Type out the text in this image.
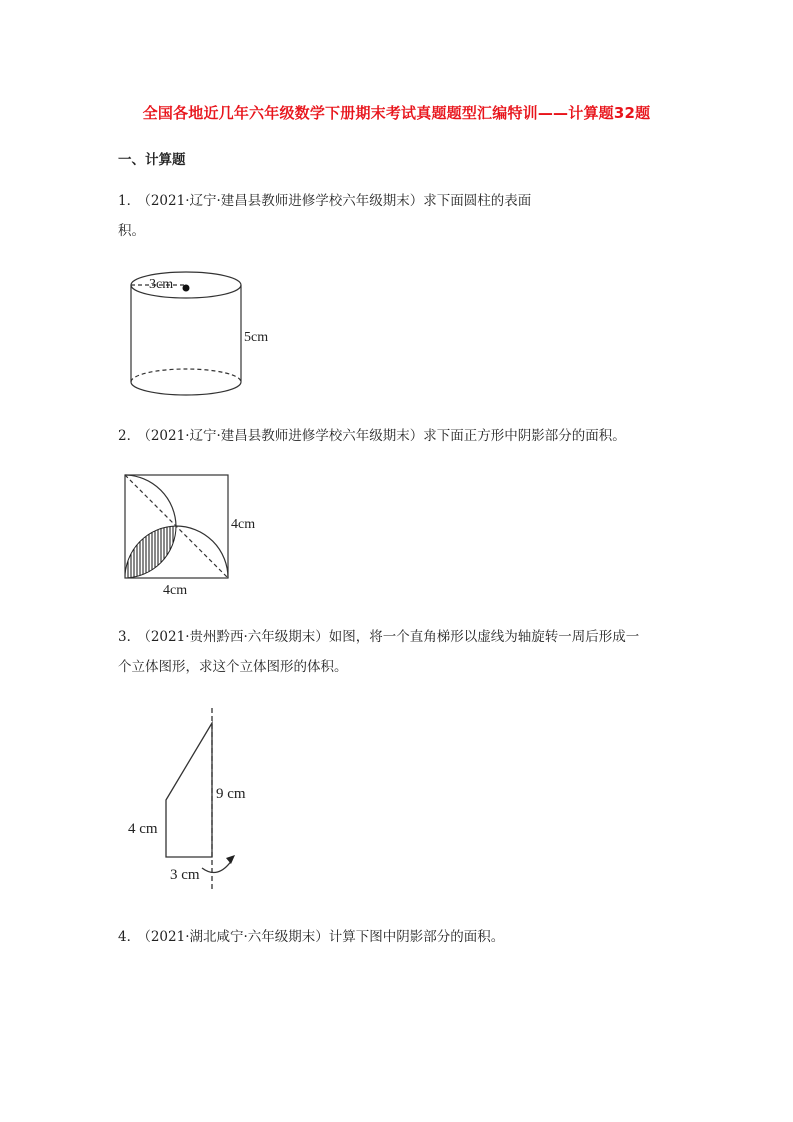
全国各地近几年六年级数学下册期末考试真题题型汇编特训——计算题32题
一、计算题
1． （2021·辽宁·建昌县教师进修学校六年级期末）求下面圆柱的表面
积。
3cm
5cm
2． （2021·辽宁·建昌县教师进修学校六年级期末）求下面正方形中阴影部分的面积。
4cm
4cm
3． （2021·贵州黔西·六年级期末）如图，将一个直角梯形以虚线为轴旋转一周后形成一
个立体图形，求这个立体图形的体积。
9 cm
4 cm
3 cm
4． （2021·湖北咸宁·六年级期末）计算下图中阴影部分的面积。
